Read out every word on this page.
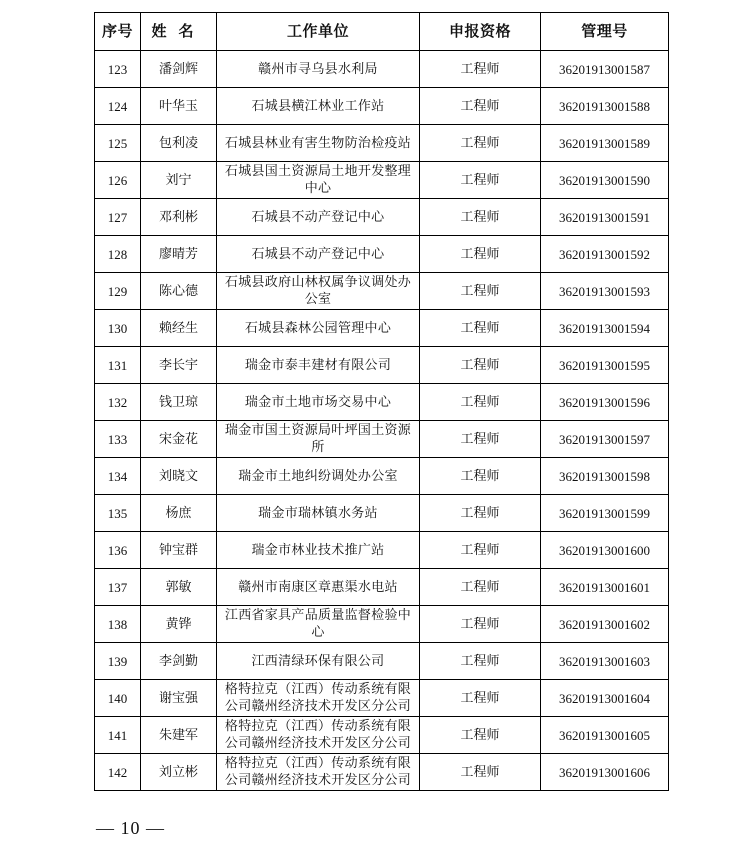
序号	姓名	工作单位	申报资格	管理号
123	潘剑辉	赣州市寻乌县水利局	工程师	36201913001587
124	叶华玉	石城县横江林业工作站	工程师	36201913001588
125	包利凌	石城县林业有害生物防治检疫站	工程师	36201913001589
126	刘宁	石城县国土资源局土地开发整理中心	工程师	36201913001590
127	邓利彬	石城县不动产登记中心	工程师	36201913001591
128	廖晴芳	石城县不动产登记中心	工程师	36201913001592
129	陈心德	石城县政府山林权属争议调处办公室	工程师	36201913001593
130	赖经生	石城县森林公园管理中心	工程师	36201913001594
131	李长宇	瑞金市泰丰建材有限公司	工程师	36201913001595
132	钱卫琼	瑞金市土地市场交易中心	工程师	36201913001596
133	宋金花	瑞金市国土资源局叶坪国土资源所	工程师	36201913001597
134	刘晓文	瑞金市土地纠纷调处办公室	工程师	36201913001598
135	杨庶	瑞金市瑞林镇水务站	工程师	36201913001599
136	钟宝群	瑞金市林业技术推广站	工程师	36201913001600
137	郭敏	赣州市南康区章惠渠水电站	工程师	36201913001601
138	黄铧	江西省家具产品质量监督检验中心	工程师	36201913001602
139	李剑勤	江西清绿环保有限公司	工程师	36201913001603
140	谢宝强	格特拉克（江西）传动系统有限公司赣州经济技术开发区分公司	工程师	36201913001604
141	朱建军	格特拉克（江西）传动系统有限公司赣州经济技术开发区分公司	工程师	36201913001605
142	刘立彬	格特拉克（江西）传动系统有限公司赣州经济技术开发区分公司	工程师	36201913001606
— 10 —
